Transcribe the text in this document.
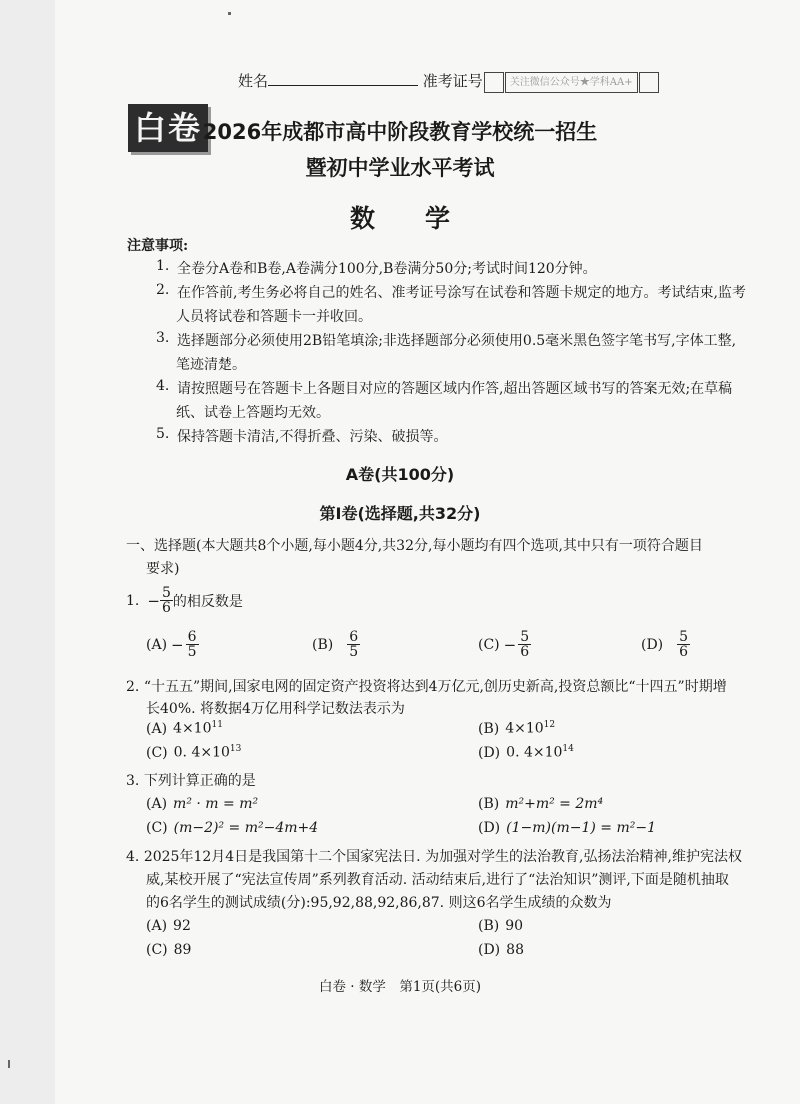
姓名	准考证号	关注微信公众号★学科AA+
白卷 2026年成都市高中阶段教育学校统一招生
暨初中学业水平考试
数　　学
注意事项:
1. 全卷分A卷和B卷,A卷满分100分,B卷满分50分;考试时间120分钟。
2. 在作答前,考生务必将自己的姓名、准考证号涂写在试卷和答题卡规定的地方。考试结束,监考
人员将试卷和答题卡一并收回。
3. 选择题部分必须使用2B铅笔填涂;非选择题部分必须使用0.5毫米黑色签字笔书写,字体工整,
笔迹清楚。
4. 请按照题号在答题卡上各题目对应的答题区域内作答,超出答题区域书写的答案无效;在草稿
纸、试卷上答题均无效。
5. 保持答题卡清洁,不得折叠、污染、破损等。
A卷(共100分)
第Ⅰ卷(选择题,共32分)
一、选择题(本大题共8个小题,每小题4分,共32分,每小题均有四个选项,其中只有一项符合题目
要求)
1. − $\frac{5}{6}$ 的相反数是
$(A) - \frac{6}{5}$	$(B) \frac{6}{5}$	$(C) - \frac{5}{6}$	$(D) \frac{5}{6}$
2. “十五五”期间,国家电网的固定资产投资将达到4万亿元,创历史新高,投资总额比“十四五”时期增
长40%. 将数据4万亿用科学记数法表示为
(A) $4\times 10^{11}$	(B) $4\times 10^{12}$
(C) 0. $4\times 10^{13}$	(D) 0. $4\times 10^{14}$
3. 下列计算正确的是
(A) m² · m = m²	(B) m²+m² = 2m⁴
(C) (m−2)² = m²−4m+4	(D) (1−m)(m−1) = m²−1
4. 2025年12月4日是我国第十二个国家宪法日. 为加强对学生的法治教育,弘扬法治精神,维护宪法权
威,某校开展了“宪法宣传周”系列教育活动. 活动结束后,进行了“法治知识”测评,下面是随机抽取
的6名学生的测试成绩(分):95,92,88,92,86,87. 则这6名学生成绩的众数为
(A) 92	(B) 90
(C) 89	(D) 88
白卷 · 数学　第1页(共6页)
